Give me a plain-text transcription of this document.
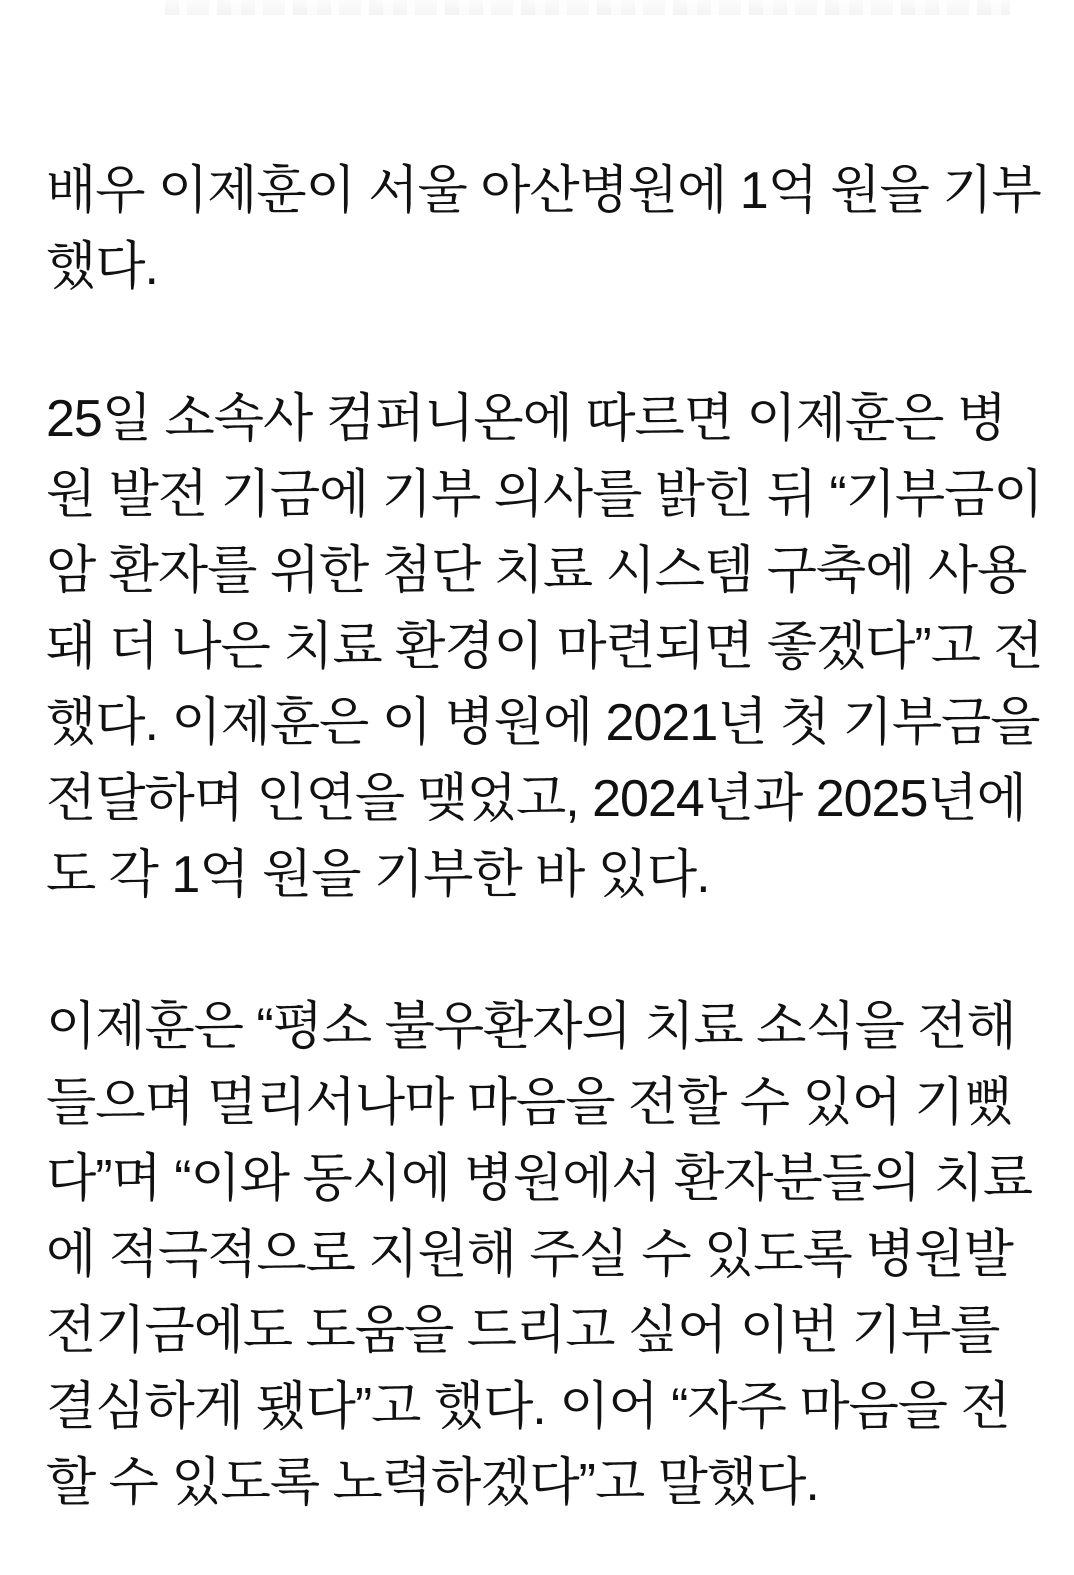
배우 이제훈이 서울 아산병원에 1억 원을 기부
했다.

25일 소속사 컴퍼니온에 따르면 이제훈은 병
원 발전 기금에 기부 의사를 밝힌 뒤 “기부금이
암 환자를 위한 첨단 치료 시스템 구축에 사용
돼 더 나은 치료 환경이 마련되면 좋겠다”고 전
했다. 이제훈은 이 병원에 2021년 첫 기부금을
전달하며 인연을 맺었고, 2024년과 2025년에
도 각 1억 원을 기부한 바 있다.

이제훈은 “평소 불우환자의 치료 소식을 전해
들으며 멀리서나마 마음을 전할 수 있어 기뻤
다”며 “이와 동시에 병원에서 환자분들의 치료
에 적극적으로 지원해 주실 수 있도록 병원발
전기금에도 도움을 드리고 싶어 이번 기부를
결심하게 됐다”고 했다. 이어 “자주 마음을 전
할 수 있도록 노력하겠다”고 말했다.
